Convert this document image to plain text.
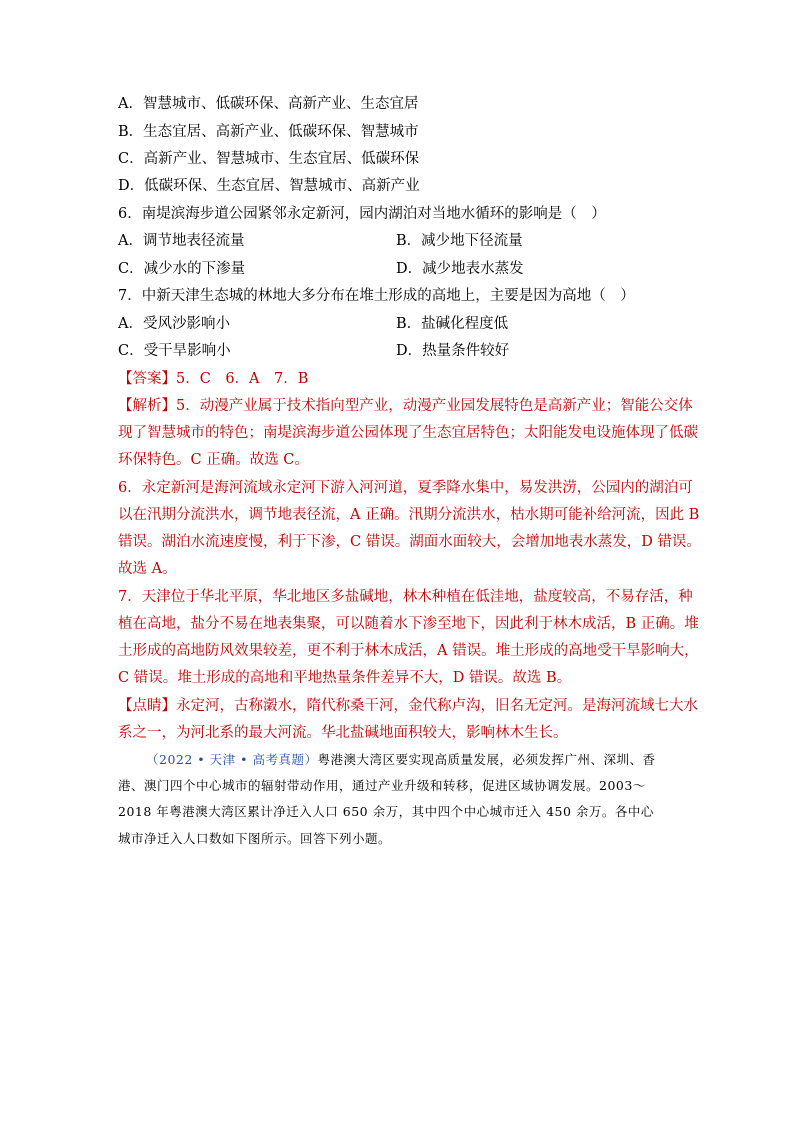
A．智慧城市、低碳环保、高新产业、生态宜居
B．生态宜居、高新产业、低碳环保、智慧城市
C．高新产业、智慧城市、生态宜居、低碳环保
D．低碳环保、生态宜居、智慧城市、高新产业
6．南堤滨海步道公园紧邻永定新河，园内湖泊对当地水循环的影响是（　）
A．调节地表径流量	B．减少地下径流量
C．减少水的下渗量	D．减少地表水蒸发
7．中新天津生态城的林地大多分布在堆土形成的高地上，主要是因为高地（　）
A．受风沙影响小	B．盐碱化程度低
C．受干旱影响小	D．热量条件较好
【答案】5．C　6．A　7．B
【解析】5．动漫产业属于技术指向型产业，动漫产业园发展特色是高新产业；智能公交体
现了智慧城市的特色；南堤滨海步道公园体现了生态宜居特色；太阳能发电设施体现了低碳
环保特色。C 正确。故选 C。
6．永定新河是海河流域永定河下游入河河道，夏季降水集中，易发洪涝，公园内的湖泊可
以在汛期分流洪水，调节地表径流，A 正确。汛期分流洪水，枯水期可能补给河流，因此 B
错误。湖泊水流速度慢，利于下渗，C 错误。湖面水面较大，会增加地表水蒸发，D 错误。
故选 A。
7．天津位于华北平原，华北地区多盐碱地，林木种植在低洼地，盐度较高，不易存活，种
植在高地，盐分不易在地表集聚，可以随着水下渗至地下，因此利于林木成活，B 正确。堆
土形成的高地防风效果较差，更不利于林木成活，A 错误。堆土形成的高地受干旱影响大，
C 错误。堆土形成的高地和平地热量条件差异不大，D 错误。故选 B。
【点睛】永定河，古称瀔水，隋代称桑干河，金代称卢沟，旧名无定河。是海河流域七大水
系之一，为河北系的最大河流。华北盐碱地面积较大，影响林木生长。
（2022 • 天津 • 高考真题）粤港澳大湾区要实现高质量发展，必须发挥广州、深圳、香
港、澳门四个中心城市的辐射带动作用，通过产业升级和转移，促进区域协调发展。2003～
2018 年粤港澳大湾区累计净迁入人口 650 余万，其中四个中心城市迁入 450 余万。各中心
城市净迁入人口数如下图所示。回答下列小题。
